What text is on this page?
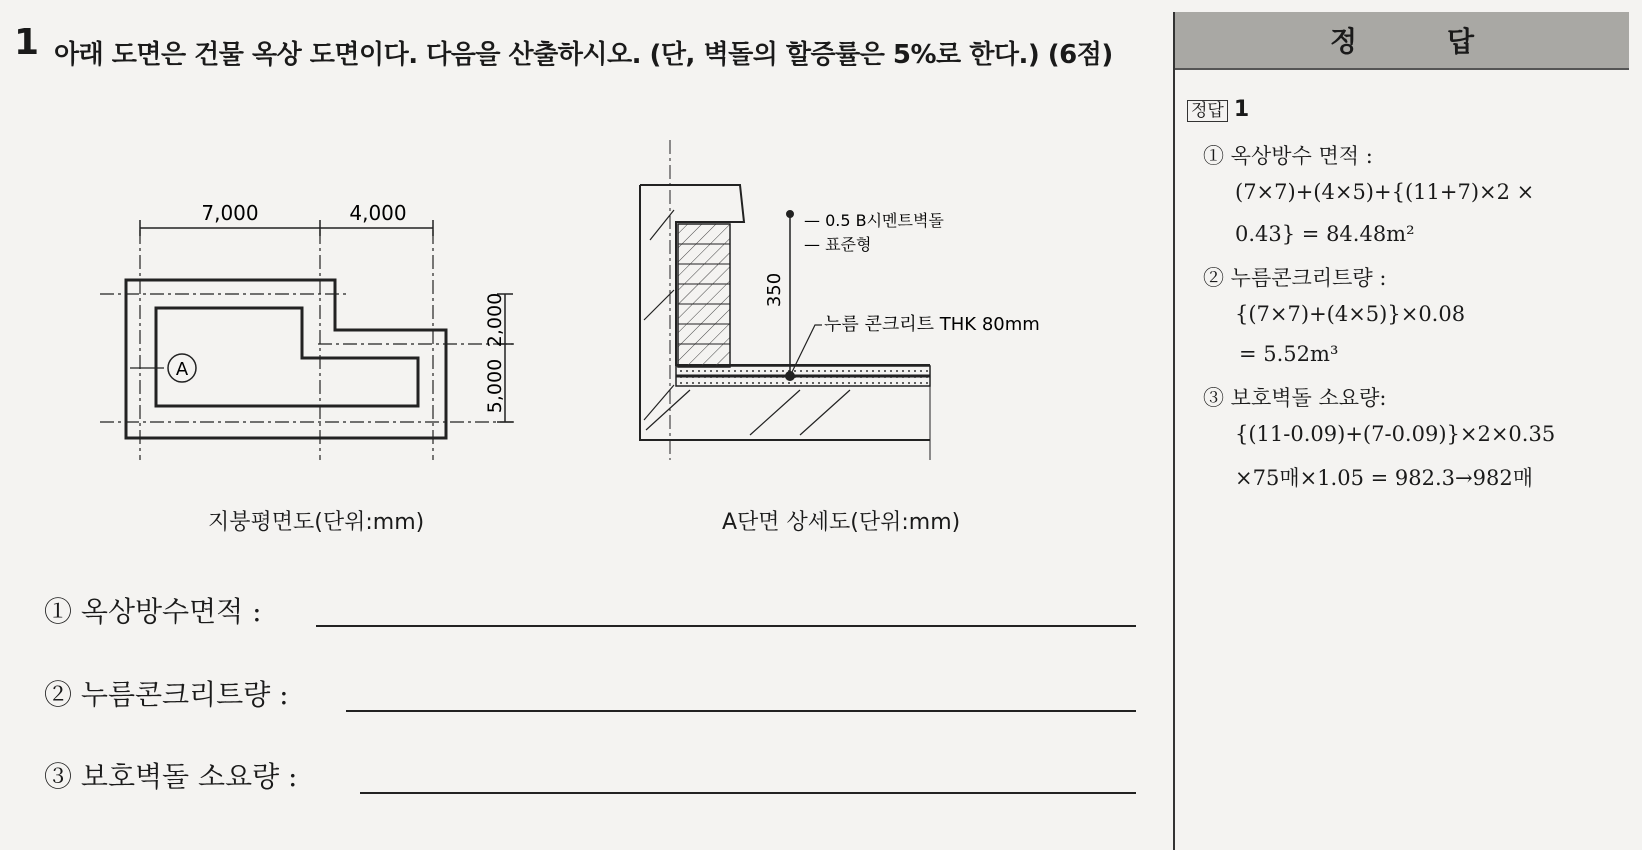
1 아래 도면은 건물 옥상 도면이다. 다음을 산출하시오. (단, 벽돌의 할증률은 5%로 한다.) (6점)
7,000	4,000
2,000
5,000
A
지붕평면도(단위:mm)
— 0.5 B시멘트벽돌
— 표준형
350
누름 콘크리트 THK 80mm
A단면 상세도(단위:mm)
① 옥상방수면적 :
② 누름콘크리트량 :
③ 보호벽돌 소요량 :
정	답
정답 1
① 옥상방수 면적 :
(7×7)+(4×5)+{(11+7)×2 ×
0.43} = 84.48m²
② 누름콘크리트량 :
{(7×7)+(4×5)}×0.08
= 5.52m³
③ 보호벽돌 소요량:
{(11-0.09)+(7-0.09)}×2×0.35
×75매×1.05 = 982.3→982매
